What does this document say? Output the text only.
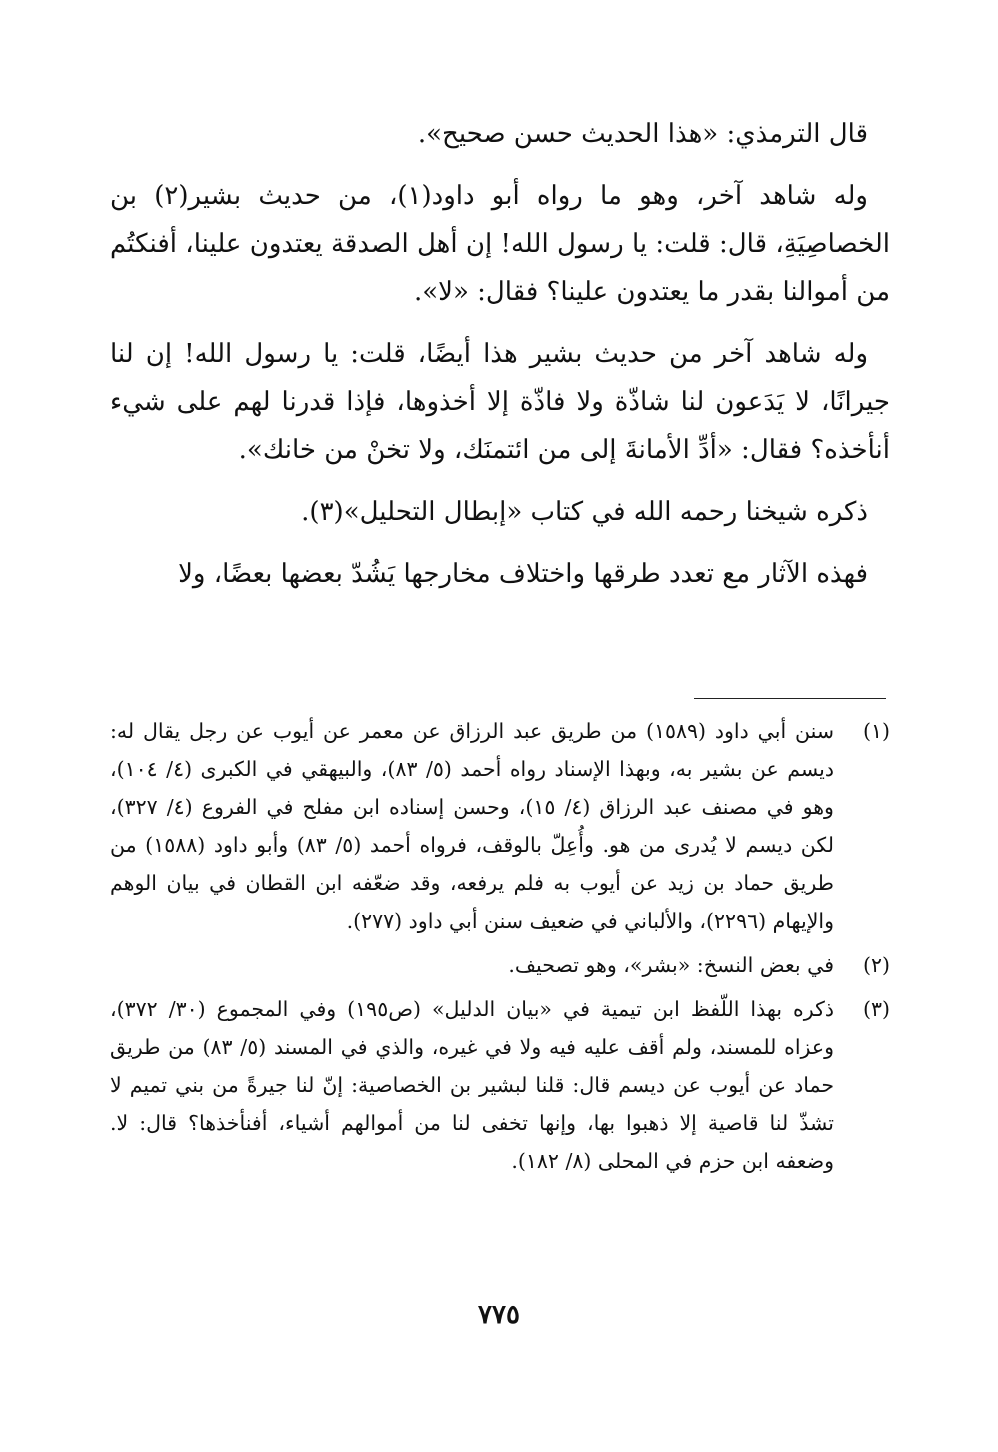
قال الترمذي: «هذا الحديث حسن صحيح».

وله شاهد آخر، وهو ما رواه أبو داود(١)، من حديث بشير(٢) بن الخصاصِيَةِ، قال: قلت: يا رسول الله! إن أهل الصدقة يعتدون علينا، أفنكتُم من أموالنا بقدر ما يعتدون علينا؟ فقال: «لا».

وله شاهد آخر من حديث بشير هذا أيضًا، قلت: يا رسول الله! إن لنا جيرانًا، لا يَدَعون لنا شاذّة ولا فاذّة إلا أخذوها، فإذا قدرنا لهم على شيء أنأخذه؟ فقال: «أدِّ الأمانةَ إلى من ائتمنَك، ولا تخنْ من خانك».

ذكره شيخنا رحمه الله في كتاب «إبطال التحليل»(٣).

فهذه الآثار مع تعدد طرقها واختلاف مخارجها يَشُدّ بعضها بعضًا، ولا

(١)
سنن أبي داود (١٥٨٩) من طريق عبد الرزاق عن معمر عن أيوب عن رجل يقال له: ديسم عن بشير به، وبهذا الإسناد رواه أحمد (٥/ ٨٣)، والبيهقي في الكبرى (٤/ ١٠٤)، وهو في مصنف عبد الرزاق (٤/ ١٥)، وحسن إسناده ابن مفلح في الفروع (٤/ ٣٢٧)، لكن ديسم لا يُدرى من هو. وأُعِلّ بالوقف، فرواه أحمد (٥/ ٨٣) وأبو داود (١٥٨٨) من طريق حماد بن زيد عن أيوب به فلم يرفعه، وقد ضعّفه ابن القطان في بيان الوهم والإيهام (٢٢٩٦)، والألباني في ضعيف سنن أبي داود (٢٧٧).
(٢)
في بعض النسخ: «بشر»، وهو تصحيف.
(٣)
ذكره بهذا اللّفظ ابن تيمية في «بيان الدليل» (ص١٩٥) وفي المجموع (٣٠/ ٣٧٢)، وعزاه للمسند، ولم أقف عليه فيه ولا في غيره، والذي في المسند (٥/ ٨٣) من طريق حماد عن أيوب عن ديسم قال: قلنا لبشير بن الخصاصية: إنّ لنا جيرةً من بني تميم لا تشذّ لنا قاصية إلا ذهبوا بها، وإنها تخفى لنا من أموالهم أشياء، أفنأخذها؟ قال: لا. وضعفه ابن حزم في المحلى (٨/ ١٨٢).
٧٧٥
